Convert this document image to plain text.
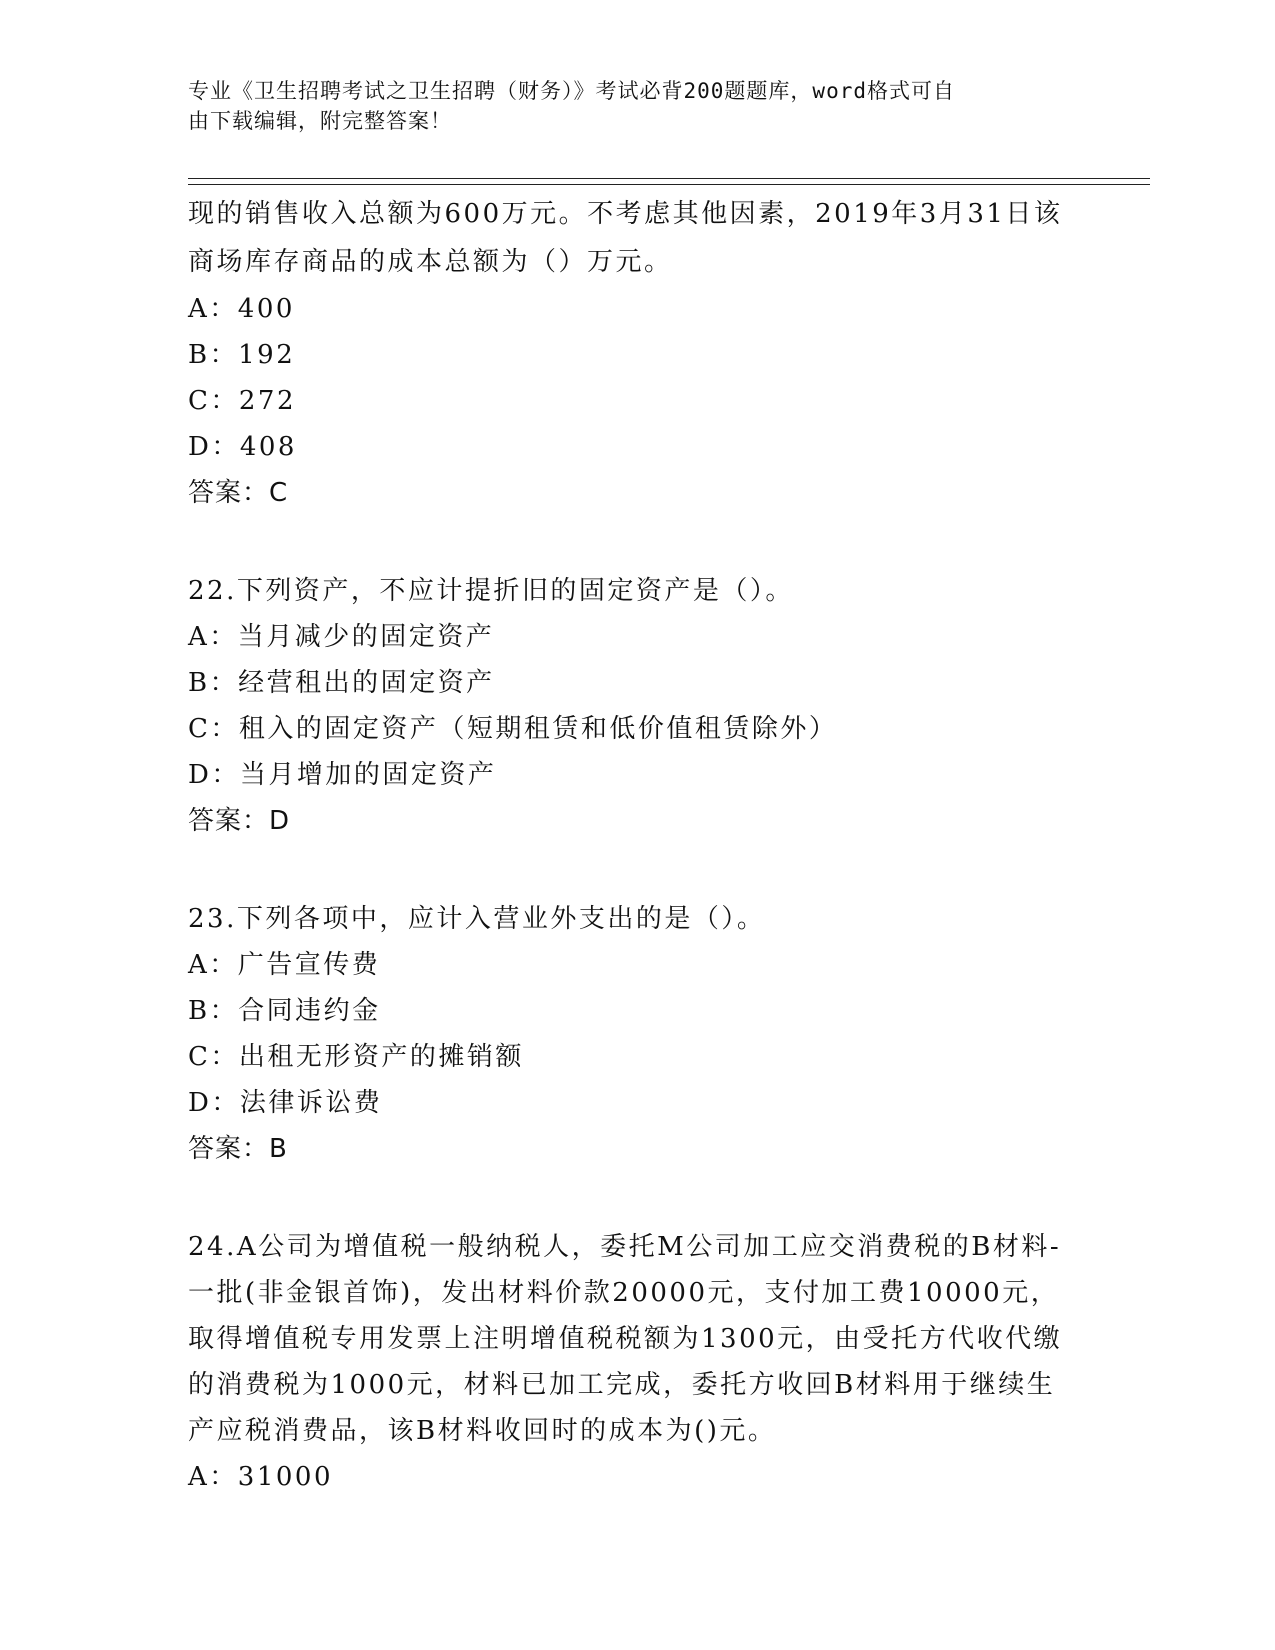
专业《卫生招聘考试之卫生招聘（财务）》考试必背200题题库，word格式可自
由下载编辑，附完整答案！
现的销售收入总额为600万元。不考虑其他因素，2019年3月31日该
商场库存商品的成本总额为（）万元。
A：400
B：192
C：272
D：408
答案：C
22.下列资产，不应计提折旧的固定资产是（）。
A：当月减少的固定资产
B：经营租出的固定资产
C：租入的固定资产（短期租赁和低价值租赁除外）
D：当月增加的固定资产
答案：D
23.下列各项中，应计入营业外支出的是（）。
A：广告宣传费
B：合同违约金
C：出租无形资产的摊销额
D：法律诉讼费
答案：B
24.A公司为增值税一般纳税人，委托M公司加工应交消费税的B材料-
一批(非金银首饰)，发出材料价款20000元，支付加工费10000元，
取得增值税专用发票上注明增值税税额为1300元，由受托方代收代缴
的消费税为1000元，材料已加工完成，委托方收回B材料用于继续生
产应税消费品，该B材料收回时的成本为()元。
A：31000
